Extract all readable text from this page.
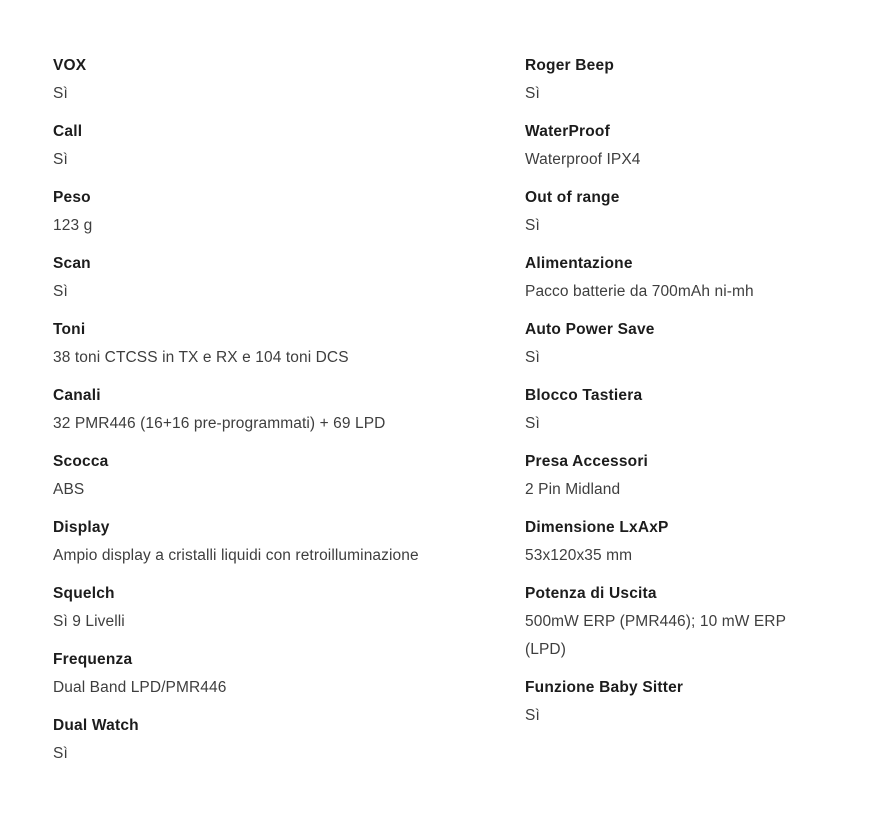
VOX
Sì
Call
Sì
Peso
123 g
Scan
Sì
Toni
38 toni CTCSS in TX e RX e 104 toni DCS
Canali
32 PMR446 (16+16 pre-programmati) + 69 LPD
Scocca
ABS
Display
Ampio display a cristalli liquidi con retroilluminazione
Squelch
Sì 9 Livelli
Frequenza
Dual Band LPD/PMR446
Dual Watch
Sì
Roger Beep
Sì
WaterProof
Waterproof IPX4
Out of range
Sì
Alimentazione
Pacco batterie da 700mAh ni-mh
Auto Power Save
Sì
Blocco Tastiera
Sì
Presa Accessori
2 Pin Midland
Dimensione LxAxP
53x120x35 mm
Potenza di Uscita
500mW ERP (PMR446); 10 mW ERP (LPD)
Funzione Baby Sitter
Sì
